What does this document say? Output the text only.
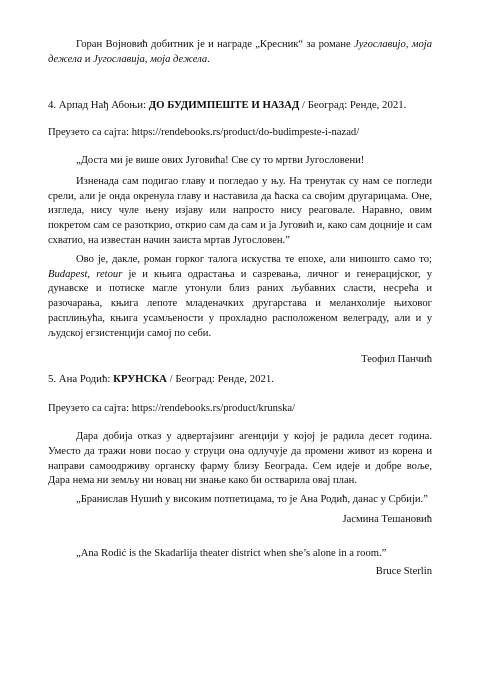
Горан Војновић добитник је и награде „Кресник“ за романе Југославијо, моја дежела и Југославија, моја дежела.

4. Арпад Нађ Абоњи: ДО БУДИМПЕШТЕ И НАЗАД / Београд: Ренде, 2021.

Преузето са сајта: https://rendebooks.rs/product/do-budimpeste-i-nazad/

„Доста ми је више ових Југовића! Све су то мртви Југословени!

Изненада сам подигао главу и погледао у њу. На тренутак су нам се погледи срели, али је онда окренула главу и наставила да ћаска са својим другарицама. Оне, изгледа, нису чуле њену изјаву или напросто нису реаговале. Наравно, овим покретом сам се разоткрио, открио сам да сам и ја Југовић и, како сам доцније и сам схватио, на известан начин заиста мртав Југословен.”

Ово је, дакле, роман горког талога искуства те епохе, али нипошто само то; Budapest, retour је и књига одрастања и сазревања, личног и генерацијског, у дунавске и потиске магле утонули близ раних љубавних сласти, несрећа и разочарања, књига лепоте младеначких другарстава и меланхолије њиховог расплињућа, књига усамљености у прохладно расположеном велеграду, али и у људској егзистенцији самој по себи.

Теофил Панчић

5. Ана Родић: КРУНСКА / Београд: Ренде, 2021.

Преузето са сајта: https://rendebooks.rs/product/krunska/

Дара добија отказ у адвертајзинг агенцији у којој је радила десет година. Уместо да тражи нови посао у струци она одлучује да промени живот из корена и направи самоодрживу органску фарму близу Београда. Сем идеје и добре воље, Дара нема ни земљу ни новац ни знање како би остварила овај план.

„Бранислав Нушић у високим потпетицама, то је Ана Родић, данас у Србији.”

Јасмина Тешановић

„Ana Rodić is the Skadarlija theater district when she’s alone in a room.”

Bruce Sterlin
